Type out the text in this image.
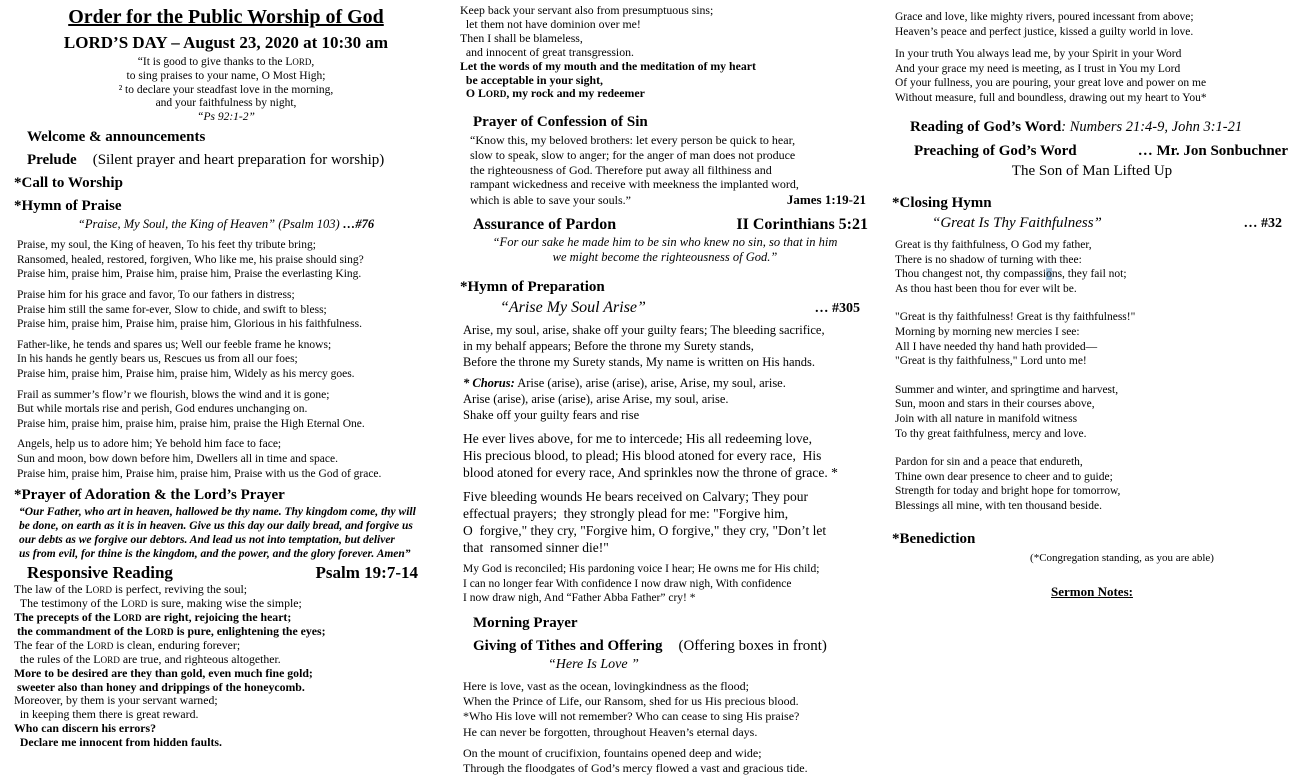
Order for the Public Worship of God
LORD’S DAY – August 23, 2020 at 10:30 am

“It is good to give thanks to the LORD,
to sing praises to your name, O Most High;
² to declare your steadfast love in the morning,
and your faithfulness by night,

“Ps 92:1-2”

Welcome & announcements

Prelude (Silent prayer and heart preparation for worship)

*Call to Worship

*Hymn of Praise

“Praise, My Soul, the King of Heaven” (Psalm 103) …#76

Praise, my soul, the King of heaven, To his feet thy tribute bring;
Ransomed, healed, restored, forgiven, Who like me, his praise should sing?
Praise him, praise him, Praise him, praise him, Praise the everlasting King.

Praise him for his grace and favor, To our fathers in distress;
Praise him still the same for-ever, Slow to chide, and swift to bless;
Praise him, praise him, Praise him, praise him, Glorious in his faithfulness.

Father-like, he tends and spares us; Well our feeble frame he knows;
In his hands he gently bears us, Rescues us from all our foes;
Praise him, praise him, Praise him, praise him, Widely as his mercy goes.

Frail as summer’s flow’r we flourish, blows the wind and it is gone;
But while mortals rise and perish, God endures unchanging on.
Praise him, praise him, praise him, praise him, praise the High Eternal One.

Angels, help us to adore him; Ye behold him face to face;
Sun and moon, bow down before him, Dwellers all in time and space.
Praise him, praise him, Praise him, praise him, Praise with us the God of grace.

*Prayer of Adoration & the Lord’s Prayer

“Our Father, who art in heaven, hallowed be thy name. Thy kingdom come, thy will
be done, on earth as it is in heaven. Give us this day our daily bread, and forgive us
our debts as we forgive our debtors. And lead us not into temptation, but deliver
us from evil, for thine is the kingdom, and the power, and the glory forever. Amen”

Responsive Reading	Psalm 19:7-14

The law of the LORD is perfect, reviving the soul;
The testimony of the LORD is sure, making wise the simple;

The precepts of the LORD are right, rejoicing the heart;
the commandment of the LORD is pure, enlightening the eyes;

The fear of the LORD is clean, enduring forever;
the rules of the LORD are true, and righteous altogether.

More to be desired are they than gold, even much fine gold;
sweeter also than honey and drippings of the honeycomb.

Moreover, by them is your servant warned;
in keeping them there is great reward.

Who can discern his errors?
Declare me innocent from hidden faults.

Keep back your servant also from presumptuous sins;
let them not have dominion over me!
Then I shall be blameless,
and innocent of great transgression.

Let the words of my mouth and the meditation of my heart
be acceptable in your sight,
O LORD, my rock and my redeemer

Prayer of Confession of Sin

“Know this, my beloved brothers: let every person be quick to hear,
slow to speak, slow to anger; for the anger of man does not produce
the righteousness of God. Therefore put away all filthiness and
rampant wickedness and receive with meekness the implanted word,

which is able to save your souls.”	James 1:19-21
Assurance of Pardon	II Corinthians 5:21

“For our sake he made him to be sin who knew no sin, so that in him
we might become the righteousness of God.”

*Hymn of Preparation

“Arise My Soul Arise”	… #305

Arise, my soul, arise, shake off your guilty fears; The bleeding sacrifice,
in my behalf appears; Before the throne my Surety stands,
Before the throne my Surety stands, My name is written on His hands.

* Chorus: Arise (arise), arise (arise), arise, Arise, my soul, arise.
Arise (arise), arise (arise), arise Arise, my soul, arise.
Shake off your guilty fears and rise

He ever lives above, for me to intercede; His all redeeming love,
His precious blood, to plead; His blood atoned for every race,  His
blood atoned for every race, And sprinkles now the throne of grace. *

Five bleeding wounds He bears received on Calvary; They pour
effectual prayers;  they strongly plead for me: "Forgive him,
O  forgive," they cry, "Forgive him, O forgive," they cry, "Don’t let
that  ransomed sinner die!"

My God is reconciled; His pardoning voice I hear; He owns me for His child;
I can no longer fear With confidence I now draw nigh, With confidence
I now draw nigh, And “Father Abba Father” cry! *

Morning Prayer

Giving of Tithes and Offering (Offering boxes in front)

“Here Is Love ”

Here is love, vast as the ocean, lovingkindness as the flood;
When the Prince of Life, our Ransom, shed for us His precious blood.
*Who His love will not remember? Who can cease to sing His praise?
He can never be forgotten, throughout Heaven’s eternal days.

On the mount of crucifixion, fountains opened deep and wide;
Through the floodgates of God’s mercy flowed a vast and gracious tide.

Grace and love, like mighty rivers, poured incessant from above;
Heaven’s peace and perfect justice, kissed a guilty world in love.

In your truth You always lead me, by your Spirit in your Word
And your grace my need is meeting, as I trust in You my Lord
Of your fullness, you are pouring, your great love and power on me
Without measure, full and boundless, drawing out my heart to You*

Reading of God’s Word: Numbers 21:4-9, John 3:1-21

Preaching of God’s Word	… Mr. Jon Sonbuchner

The Son of Man Lifted Up

*Closing Hymn

“Great Is Thy Faithfulness”	… #32

Great is thy faithfulness, O God my father,
There is no shadow of turning with thee:
Thou changest not, thy compassions, they fail not;
As thou hast been thou for ever wilt be.

"Great is thy faithfulness! Great is thy faithfulness!"
Morning by morning new mercies I see:
All I have needed thy hand hath provided—
"Great is thy faithfulness," Lord unto me!

Summer and winter, and springtime and harvest,
Sun, moon and stars in their courses above,
Join with all nature in manifold witness
To thy great faithfulness, mercy and love.

Pardon for sin and a peace that endureth,
Thine own dear presence to cheer and to guide;
Strength for today and bright hope for tomorrow,
Blessings all mine, with ten thousand beside.

*Benediction

(*Congregation standing, as you are able)

Sermon Notes:
